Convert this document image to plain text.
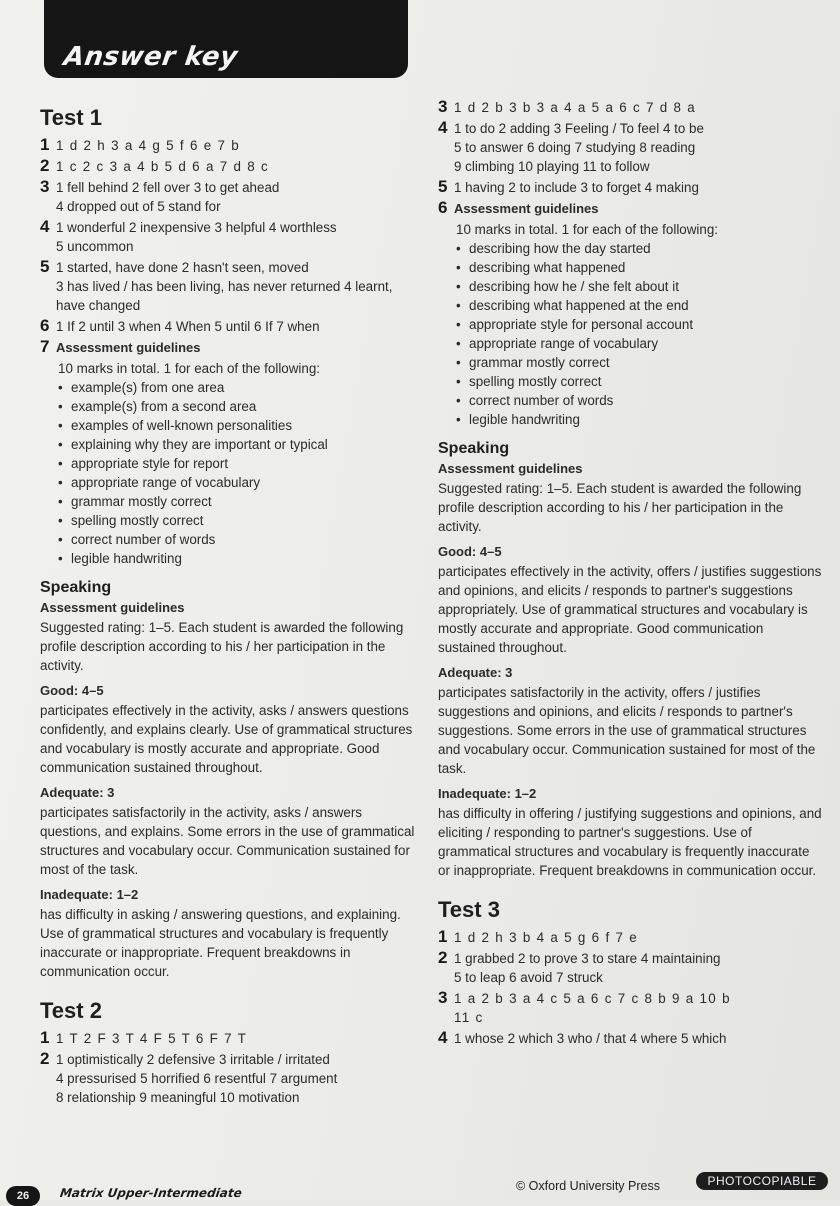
Answer key
Test 1
1 1 d 2 h 3 a 4 g 5 f 6 e 7 b
2 1 c 2 c 3 a 4 b 5 d 6 a 7 d 8 c
3 1 fell behind 2 fell over 3 to get ahead
4 dropped out of 5 stand for
4 1 wonderful 2 inexpensive 3 helpful 4 worthless
5 uncommon
5 1 started, have done 2 hasn't seen, moved
3 has lived / has been living, has never returned 4 learnt, have changed
6 1 If 2 until 3 when 4 When 5 until 6 If 7 when
7 Assessment guidelines
10 marks in total. 1 for each of the following:
• example(s) from one area
• example(s) from a second area
• examples of well-known personalities
• explaining why they are important or typical
• appropriate style for report
• appropriate range of vocabulary
• grammar mostly correct
• spelling mostly correct
• correct number of words
• legible handwriting
Speaking
Assessment guidelines

Suggested rating: 1–5. Each student is awarded the following profile description according to his / her participation in the activity.

Good: 4–5

participates effectively in the activity, asks / answers questions confidently, and explains clearly. Use of grammatical structures and vocabulary is mostly accurate and appropriate. Good communication sustained throughout.

Adequate: 3

participates satisfactorily in the activity, asks / answers questions, and explains. Some errors in the use of grammatical structures and vocabulary occur. Communication sustained for most of the task.

Inadequate: 1–2

has difficulty in asking / answering questions, and explaining. Use of grammatical structures and vocabulary is frequently inaccurate or inappropriate. Frequent breakdowns in communication occur.

Test 2
1 1 T 2 F 3 T 4 F 5 T 6 F 7 T
2 1 optimistically 2 defensive 3 irritable / irritated
4 pressurised 5 horrified 6 resentful 7 argument
8 relationship 9 meaningful 10 motivation
3 1 d 2 b 3 b 3 a 4 a 5 a 6 c 7 d 8 a
4 1 to do 2 adding 3 Feeling / To feel 4 to be
5 to answer 6 doing 7 studying 8 reading
9 climbing 10 playing 11 to follow
5 1 having 2 to include 3 to forget 4 making
6 Assessment guidelines
10 marks in total. 1 for each of the following:
• describing how the day started
• describing what happened
• describing how he / she felt about it
• describing what happened at the end
• appropriate style for personal account
• appropriate range of vocabulary
• grammar mostly correct
• spelling mostly correct
• correct number of words
• legible handwriting
Speaking
Assessment guidelines

Suggested rating: 1–5. Each student is awarded the following profile description according to his / her participation in the activity.

Good: 4–5

participates effectively in the activity, offers / justifies suggestions and opinions, and elicits / responds to partner's suggestions appropriately. Use of grammatical structures and vocabulary is mostly accurate and appropriate. Good communication sustained throughout.

Adequate: 3

participates satisfactorily in the activity, offers / justifies suggestions and opinions, and elicits / responds to partner's suggestions. Some errors in the use of grammatical structures and vocabulary occur. Communication sustained for most of the task.

Inadequate: 1–2

has difficulty in offering / justifying suggestions and opinions, and eliciting / responding to partner's suggestions. Use of grammatical structures and vocabulary is frequently inaccurate or inappropriate. Frequent breakdowns in communication occur.

Test 3
1 1 d 2 h 3 b 4 a 5 g 6 f 7 e
2 1 grabbed 2 to prove 3 to stare 4 maintaining
5 to leap 6 avoid 7 struck
3 1 a 2 b 3 a 4 c 5 a 6 c 7 c 8 b 9 a 10 b
11 c
4 1 whose 2 which 3 who / that 4 where 5 which
26	Matrix Upper-Intermediate	© Oxford University Press	PHOTOCOPIABLE
